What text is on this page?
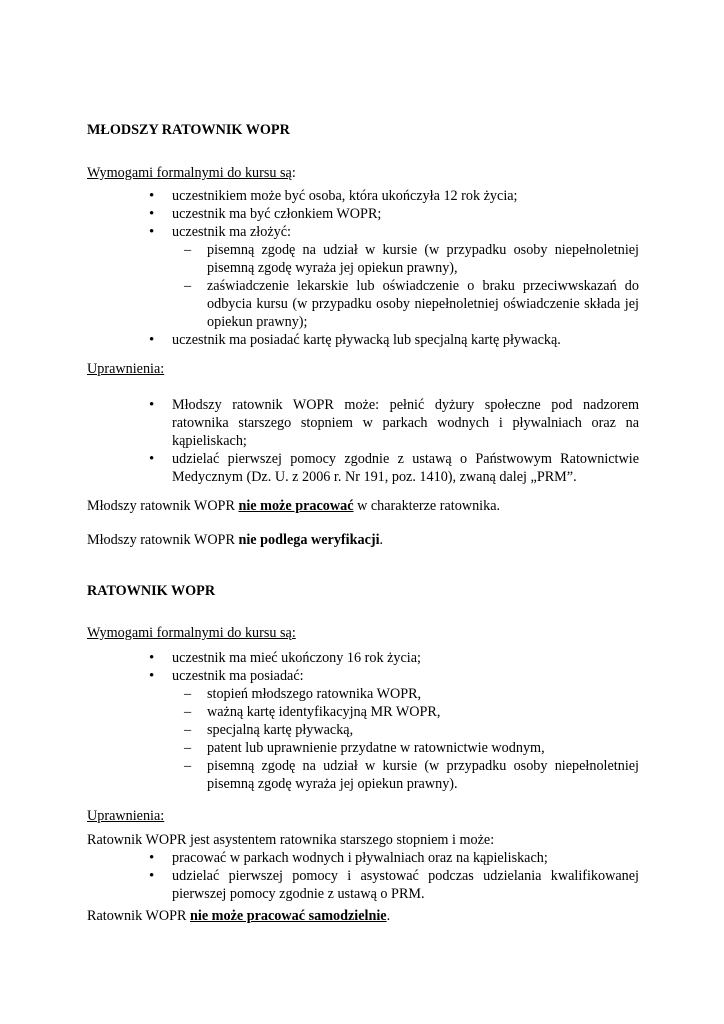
MŁODSZY RATOWNIK WOPR
Wymogami formalnymi do kursu są:
• uczestnikiem może być osoba, która ukończyła 12 rok życia;
• uczestnik ma być członkiem WOPR;
• uczestnik ma złożyć:
– pisemną zgodę na udział w kursie (w przypadku osoby niepełnoletniej pisemną zgodę wyraża jej opiekun prawny),
– zaświadczenie lekarskie lub oświadczenie o braku przeciwwskazań do odbycia kursu (w przypadku osoby niepełnoletniej oświadczenie składa jej opiekun prawny);
• uczestnik ma posiadać kartę pływacką lub specjalną kartę pływacką.
Uprawnienia:
• Młodszy ratownik WOPR może: pełnić dyżury społeczne pod nadzorem ratownika starszego stopniem w parkach wodnych i pływalniach oraz na kąpieliskach;
• udzielać pierwszej pomocy zgodnie z ustawą o Państwowym Ratownictwie Medycznym (Dz. U. z 2006 r. Nr 191, poz. 1410), zwaną dalej „PRM”.
Młodszy ratownik WOPR nie może pracować w charakterze ratownika.
Młodszy ratownik WOPR nie podlega weryfikacji.
RATOWNIK WOPR
Wymogami formalnymi do kursu są:
• uczestnik ma mieć ukończony 16 rok życia;
• uczestnik ma posiadać:
– stopień młodszego ratownika WOPR,
– ważną kartę identyfikacyjną MR WOPR,
– specjalną kartę pływacką,
– patent lub uprawnienie przydatne w ratownictwie wodnym,
– pisemną zgodę na udział w kursie (w przypadku osoby niepełnoletniej pisemną zgodę wyraża jej opiekun prawny).
Uprawnienia:
Ratownik WOPR jest asystentem ratownika starszego stopniem i może:
• pracować w parkach wodnych i pływalniach oraz na kąpieliskach;
• udzielać pierwszej pomocy i asystować podczas udzielania kwalifikowanej pierwszej pomocy zgodnie z ustawą o PRM.
Ratownik WOPR nie może pracować samodzielnie.
